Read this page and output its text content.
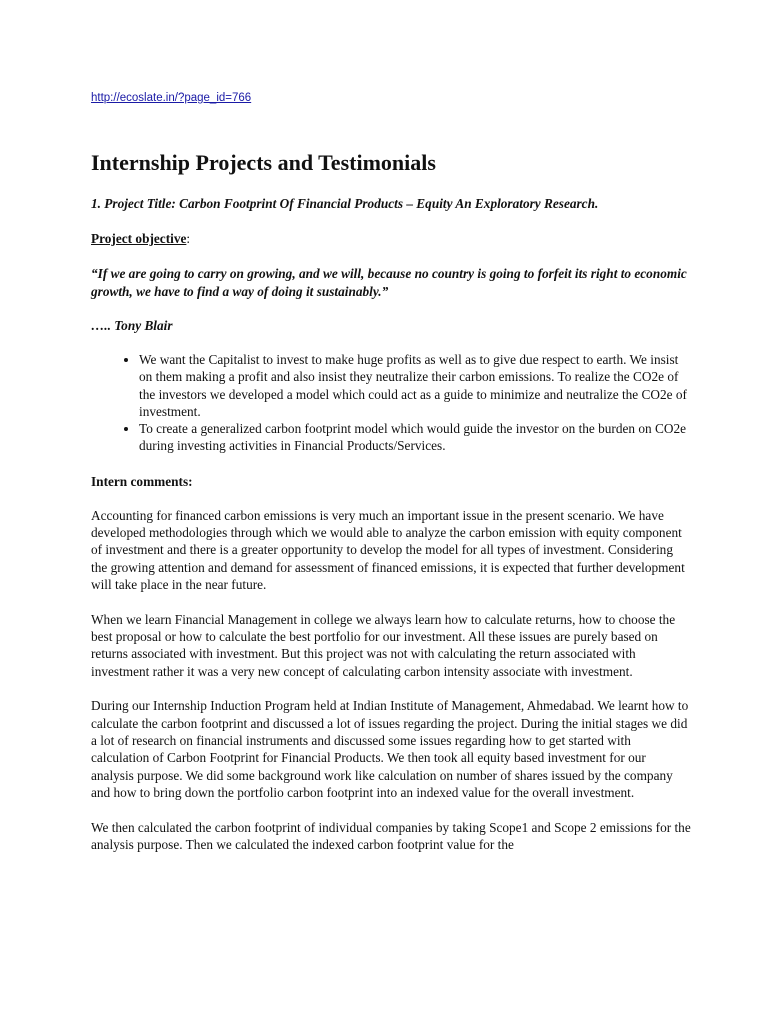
http://ecoslate.in/?page_id=766
Internship Projects and Testimonials
1. Project Title: Carbon Footprint Of Financial Products – Equity An Exploratory Research.
Project objective:
“If we are going to carry on growing, and we will, because no country is going to forfeit its right to economic growth, we have to find a way of doing it sustainably.”
….. Tony Blair
• We want the Capitalist to invest to make huge profits as well as to give due respect to earth. We insist on them making a profit and also insist they neutralize their carbon emissions. To realize the CO2e of the investors we developed a model which could act as a guide to minimize and neutralize the CO2e of investment.
• To create a generalized carbon footprint model which would guide the investor on the burden on CO2e during investing activities in Financial Products/Services.
Intern comments:

Accounting for financed carbon emissions is very much an important issue in the present scenario. We have developed methodologies through which we would able to analyze the carbon emission with equity component of investment and there is a greater opportunity to develop the model for all types of investment. Considering the growing attention and demand for assessment of financed emissions, it is expected that further development will take place in the near future.

When we learn Financial Management in college we always learn how to calculate returns, how to choose the best proposal or how to calculate the best portfolio for our investment. All these issues are purely based on returns associated with investment. But this project was not with calculating the return associated with investment rather it was a very new concept of calculating carbon intensity associate with investment.

During our Internship Induction Program held at Indian Institute of Management, Ahmedabad. We learnt how to calculate the carbon footprint and discussed a lot of issues regarding the project. During the initial stages we did a lot of research on financial instruments and discussed some issues regarding how to get started with calculation of Carbon Footprint for Financial Products. We then took all equity based investment for our analysis purpose. We did some background work like calculation on number of shares issued by the company and how to bring down the portfolio carbon footprint into an indexed value for the overall investment.

We then calculated the carbon footprint of individual companies by taking Scope1 and Scope 2 emissions for the analysis purpose. Then we calculated the indexed carbon footprint value for the
